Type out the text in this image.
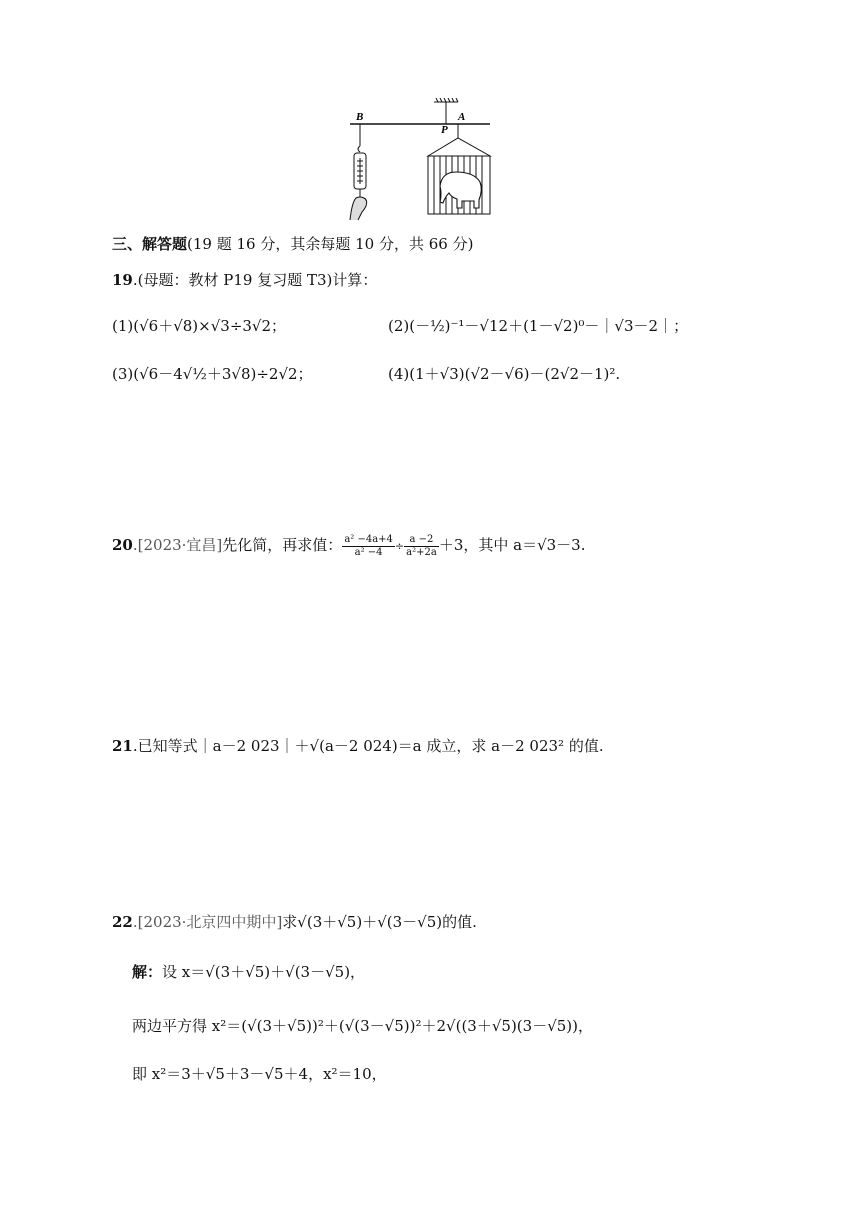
B	A
P
三、解答题(19 题 16 分，其余每题 10 分，共 66 分)
19.(母题：教材 P19 复习题 T3)计算：
(1)(√6＋√8)×√3÷3√2；	(2)(－½)⁻¹－√12＋(1－√2)⁰－｜√3－2｜；
(3)(√6－4√½＋3√8)÷2√2；	(4)(1＋√3)(√2－√6)－(2√2－1)².
20.[2023·宜昌]先化简，再求值： $\frac{\text{a² −4a+4}}{\text{a² −4}} \div \frac{a -2}{\text{a²+2a}} +3$，其中 a＝√3－3.
21.已知等式｜a－2 023｜＋√(a－2 024)＝a 成立，求 a－2 023² 的值.
22.[2023·北京四中期中]求√(3＋√5)＋√(3－√5)的值.
解：设 x＝√(3＋√5)＋√(3－√5)，
两边平方得 x²＝(√(3＋√5))²＋(√(3－√5))²＋2√((3＋√5)(3－√5))，
即 x²＝3＋√5＋3－√5＋4，x²＝10，
